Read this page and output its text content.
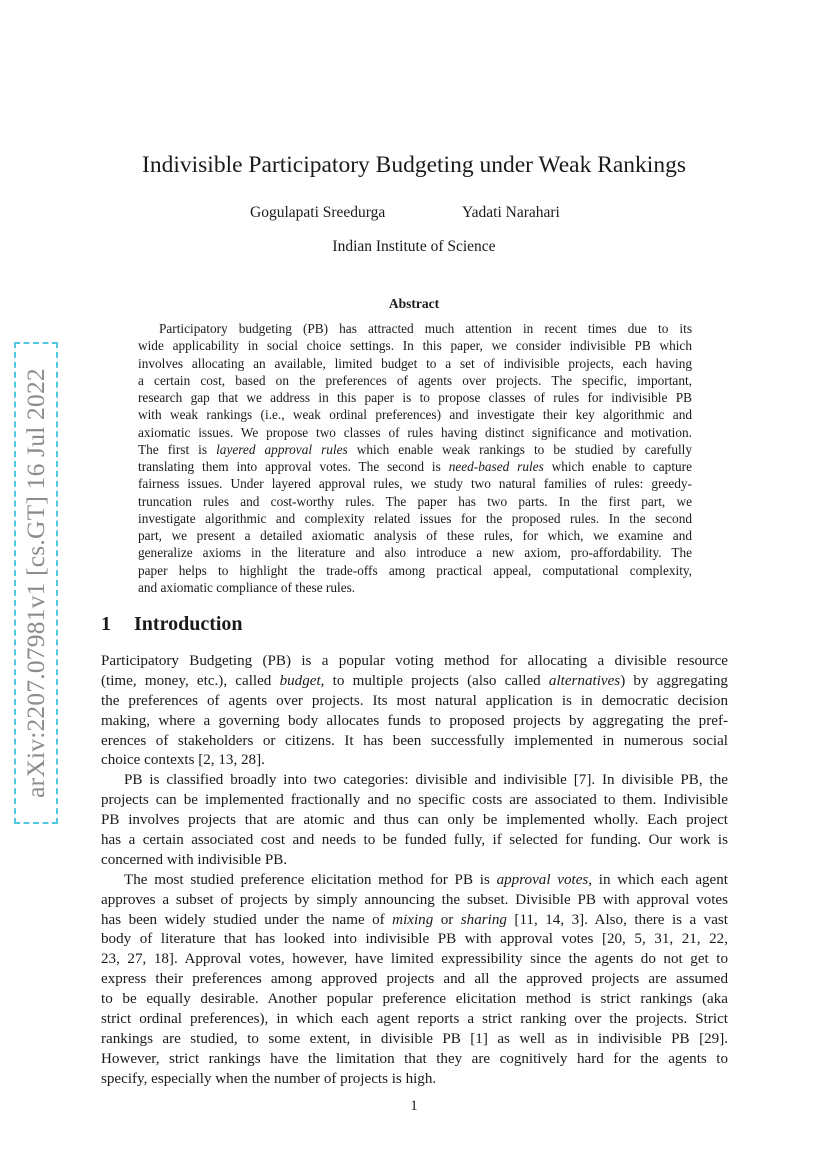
arXiv:2207.07981v1 [cs.GT] 16 Jul 2022
Indivisible Participatory Budgeting under Weak Rankings
Gogulapati Sreedurga	Yadati Narahari
Indian Institute of Science
Abstract
Participatory budgeting (PB) has attracted much attention in recent times due to its
wide applicability in social choice settings. In this paper, we consider indivisible PB which
involves allocating an available, limited budget to a set of indivisible projects, each having
a certain cost, based on the preferences of agents over projects. The specific, important,
research gap that we address in this paper is to propose classes of rules for indivisible PB
with weak rankings (i.e., weak ordinal preferences) and investigate their key algorithmic and
axiomatic issues. We propose two classes of rules having distinct significance and motivation.
The first is layered approval rules which enable weak rankings to be studied by carefully
translating them into approval votes. The second is need-based rules which enable to capture
fairness issues. Under layered approval rules, we study two natural families of rules: greedy-
truncation rules and cost-worthy rules. The paper has two parts. In the first part, we
investigate algorithmic and complexity related issues for the proposed rules. In the second
part, we present a detailed axiomatic analysis of these rules, for which, we examine and
generalize axioms in the literature and also introduce a new axiom, pro-affordability. The
paper helps to highlight the trade-offs among practical appeal, computational complexity,
and axiomatic compliance of these rules.
1 Introduction
Participatory Budgeting (PB) is a popular voting method for allocating a divisible resource
(time, money, etc.), called budget, to multiple projects (also called alternatives) by aggregating
the preferences of agents over projects. Its most natural application is in democratic decision
making, where a governing body allocates funds to proposed projects by aggregating the pref-
erences of stakeholders or citizens. It has been successfully implemented in numerous social
choice contexts [2, 13, 28].
PB is classified broadly into two categories: divisible and indivisible [7]. In divisible PB, the
projects can be implemented fractionally and no specific costs are associated to them. Indivisible
PB involves projects that are atomic and thus can only be implemented wholly. Each project
has a certain associated cost and needs to be funded fully, if selected for funding. Our work is
concerned with indivisible PB.
The most studied preference elicitation method for PB is approval votes, in which each agent
approves a subset of projects by simply announcing the subset. Divisible PB with approval votes
has been widely studied under the name of mixing or sharing [11, 14, 3]. Also, there is a vast
body of literature that has looked into indivisible PB with approval votes [20, 5, 31, 21, 22,
23, 27, 18]. Approval votes, however, have limited expressibility since the agents do not get to
express their preferences among approved projects and all the approved projects are assumed
to be equally desirable. Another popular preference elicitation method is strict rankings (aka
strict ordinal preferences), in which each agent reports a strict ranking over the projects. Strict
rankings are studied, to some extent, in divisible PB [1] as well as in indivisible PB [29].
However, strict rankings have the limitation that they are cognitively hard for the agents to
specify, especially when the number of projects is high.
1
